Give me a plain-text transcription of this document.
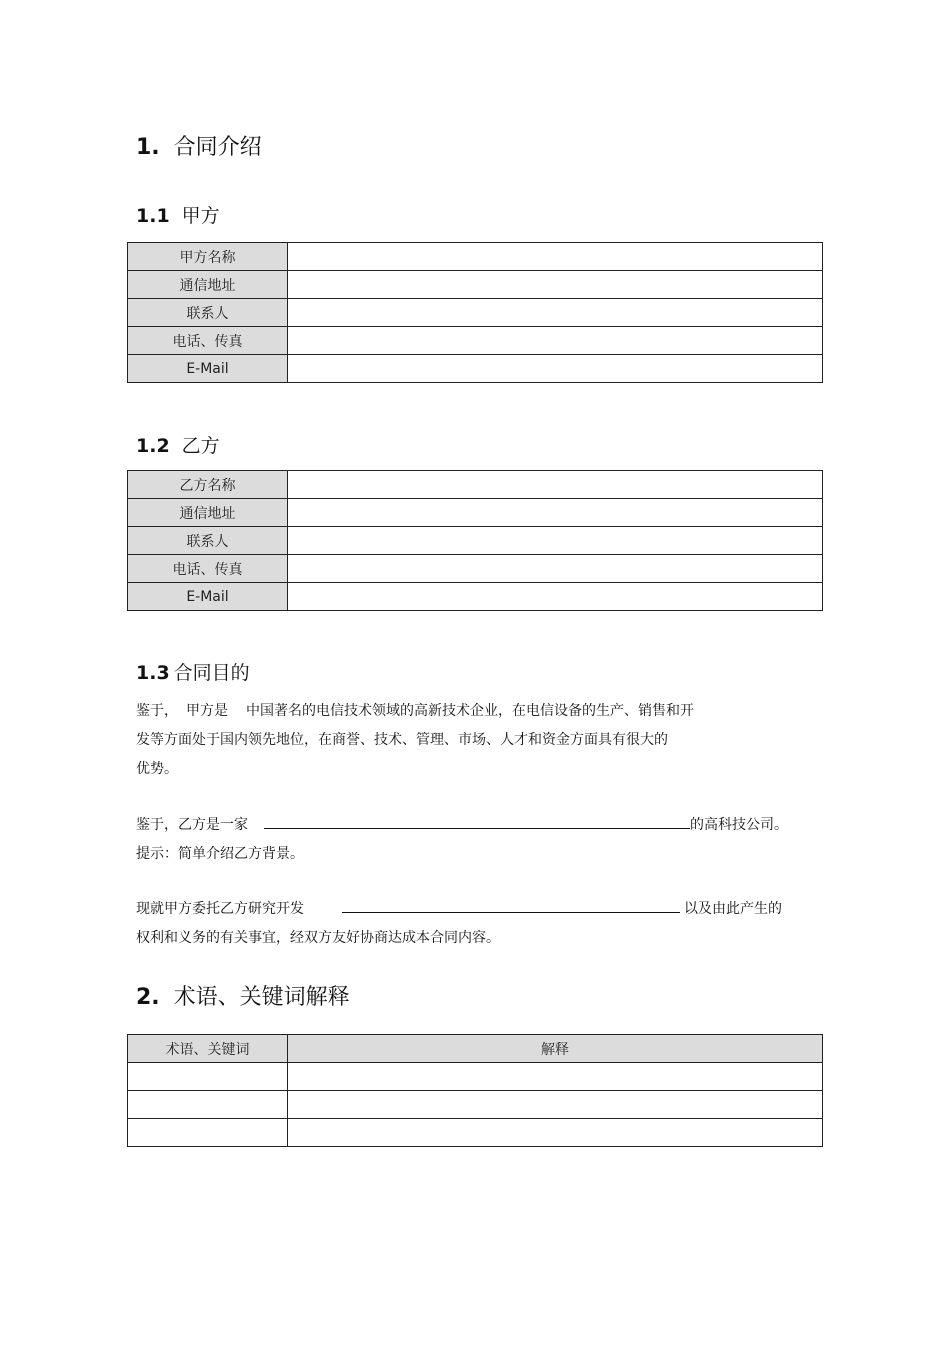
1. 合同介绍
1.1 甲方
甲方名称	
通信地址	
联系人	
电话、传真	
E-Mail	
1.2 乙方
乙方名称	
通信地址	
联系人	
电话、传真	
E-Mail	
1.3 合同目的
鉴于， 甲方是 中国著名的电信技术领域的高新技术企业，在电信设备的生产、销售和开
发等方面处于国内领先地位，在商誉、技术、管理、市场、人才和资金方面具有很大的
优势。
鉴于，乙方是一家	的高科技公司。
提示：简单介绍乙方背景。
现就甲方委托乙方研究开发	以及由此产生的
权利和义务的有关事宜，经双方友好协商达成本合同内容。
2. 术语、关键词解释
术语、关键词	解释
